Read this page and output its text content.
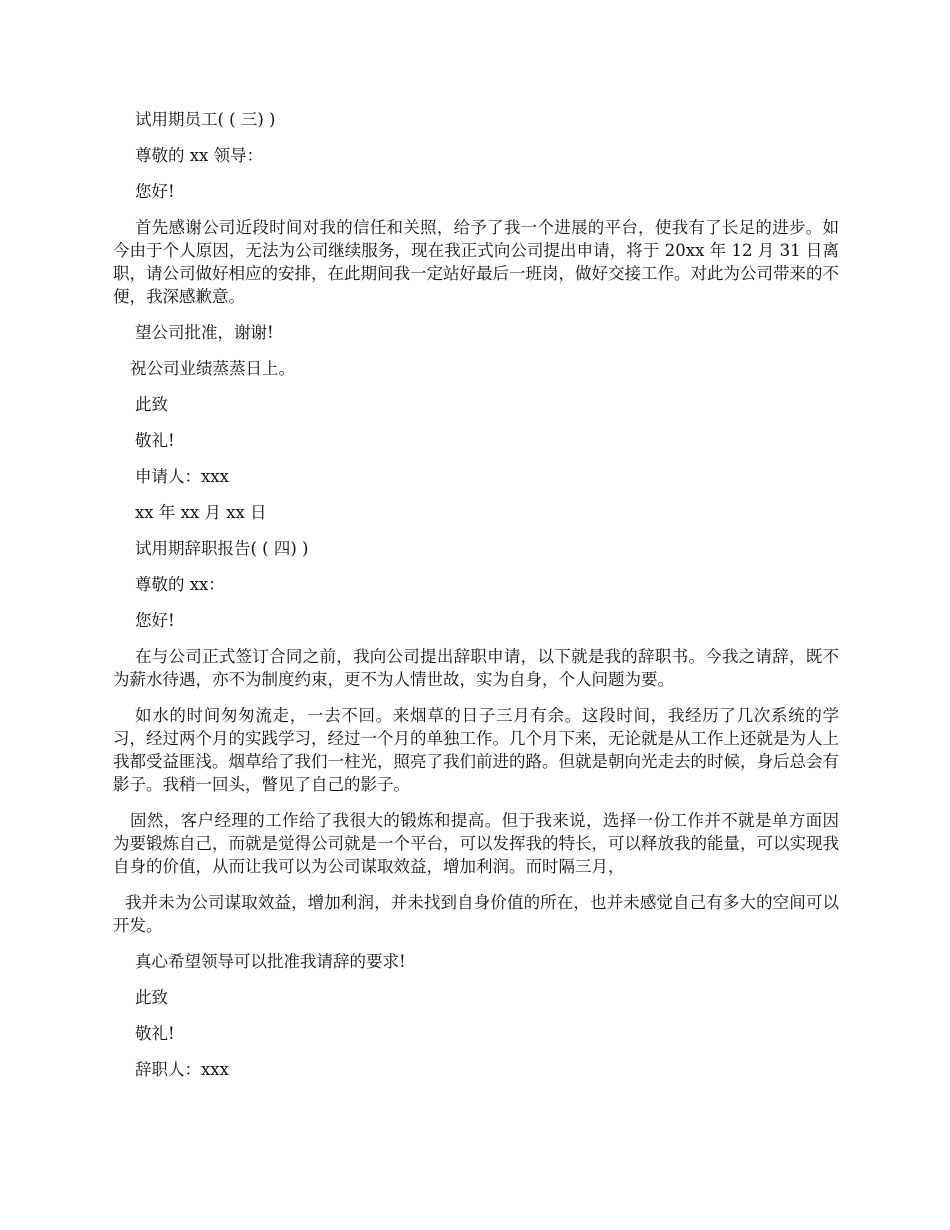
试用期员工( ( 三) )

尊敬的 xx 领导：

您好!

首先感谢公司近段时间对我的信任和关照，给予了我一个进展的平台，使我有了长足的进步。如今由于个人原因，无法为公司继续服务，现在我正式向公司提出申请，将于 20xx 年 12 月 31 日离职，请公司做好相应的安排，在此期间我一定站好最后一班岗，做好交接工作。对此为公司带来的不便，我深感歉意。

望公司批准，谢谢!

祝公司业绩蒸蒸日上。

此致

敬礼!

申请人：xxx

xx 年 xx 月 xx 日

试用期辞职报告( ( 四) )

尊敬的 xx：

您好!

在与公司正式签订合同之前，我向公司提出辞职申请，以下就是我的辞职书。今我之请辞，既不为薪水待遇，亦不为制度约束，更不为人情世故，实为自身，个人问题为要。

如水的时间匆匆流走，一去不回。来烟草的日子三月有余。这段时间，我经历了几次系统的学习，经过两个月的实践学习，经过一个月的单独工作。几个月下来，无论就是从工作上还就是为人上我都受益匪浅。烟草给了我们一柱光，照亮了我们前进的路。但就是朝向光走去的时候，身后总会有影子。我稍一回头，瞥见了自己的影子。

固然，客户经理的工作给了我很大的锻炼和提高。但于我来说，选择一份工作并不就是单方面因为要锻炼自己，而就是觉得公司就是一个平台，可以发挥我的特长，可以释放我的能量，可以实现我自身的价值，从而让我可以为公司谋取效益，增加利润。而时隔三月，

我并未为公司谋取效益，增加利润，并未找到自身价值的所在，也并未感觉自己有多大的空间可以开发。

真心希望领导可以批准我请辞的要求!

此致

敬礼!

辞职人：xxx
